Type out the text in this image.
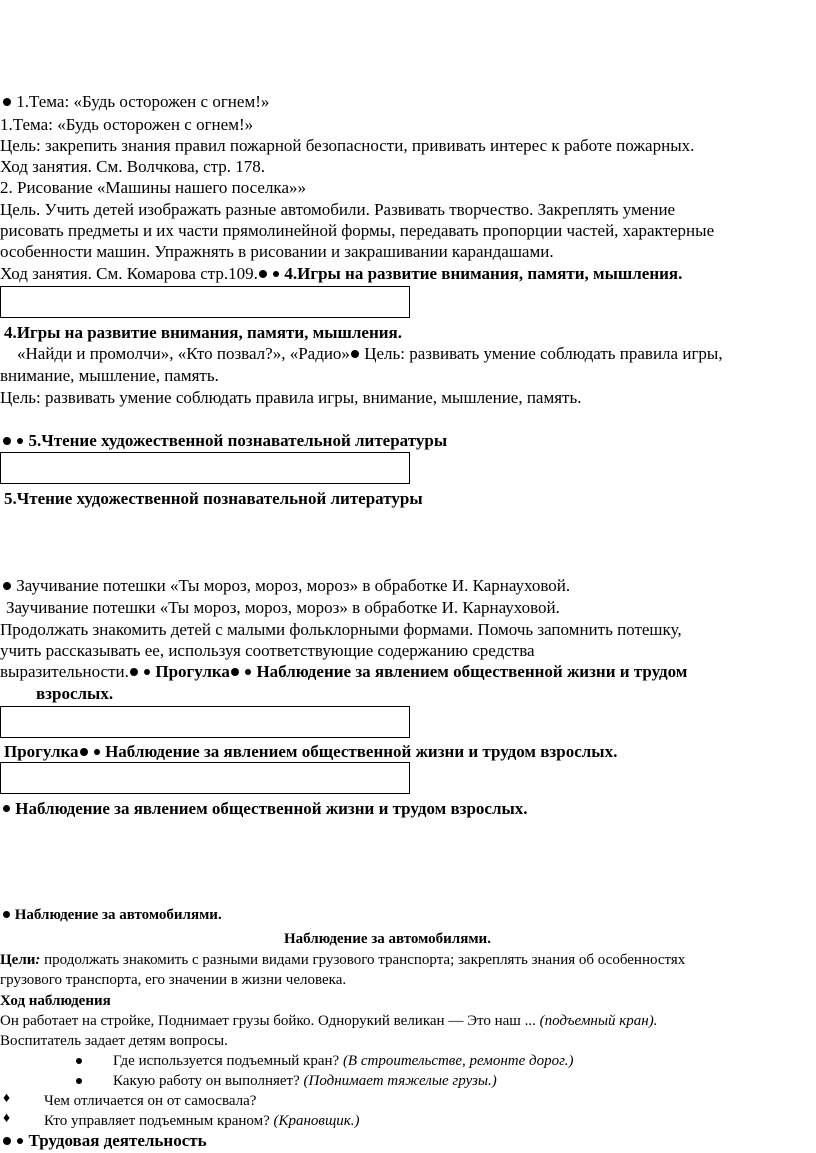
1.Тема: «Будь осторожен с огнем!»
1.Тема: «Будь осторожен с огнем!»
Цель: закрепить знания правил пожарной безопасности, прививать интерес к работе пожарных.
Ход занятия. См. Волчкова, стр. 178.
2. Рисование «Машины нашего поселка»»
Цель. Учить детей изображать разные автомобили. Развивать творчество. Закреплять умение
рисовать предметы и их части прямолинейной формы, передавать пропорции частей, характерные
особенности машин. Упражнять в рисовании и закрашивании карандашами.
Ход занятия. См. Комарова стр.109. 4.Игры на развитие внимания, памяти, мышления.
4.Игры на развитие внимания, памяти, мышления.
«Найди и промолчи», «Кто позвал?», «Радио» Цель: развивать умение соблюдать правила игры,
внимание, мышление, память.
Цель: развивать умение соблюдать правила игры, внимание, мышление, память.
5.Чтение художественной познавательной литературы
5.Чтение художественной познавательной литературы
Заучивание потешки «Ты мороз, мороз, мороз» в обработке И. Карнауховой.
Заучивание потешки «Ты мороз, мороз, мороз» в обработке И. Карнауховой.
Продолжать знакомить детей с малыми фольклорными формами. Помочь запомнить потешку,
учить рассказывать ее, используя соответствующие содержанию средства
выразительности. Прогулка Наблюдение за явлением общественной жизни и трудом
взрослых.
Прогулка Наблюдение за явлением общественной жизни и трудом взрослых.
Наблюдение за явлением общественной жизни и трудом взрослых.
Наблюдение за автомобилями.
Наблюдение за автомобилями.
Цели: продолжать знакомить с разными видами грузового транспорта; закреплять знания об особенностях
грузового транспорта, его значении в жизни человека.
Ход наблюдения
Он работает на стройке, Поднимает грузы бойко. Однорукий великан — Это наш ... (подъемный кран).
Воспитатель задает детям вопросы.
Где используется подъемный кран? (В строительстве, ремонте дорог.)
Какую работу он выполняет? (Поднимает тяжелые грузы.)
♦ Чем отличается он от самосвала?
♦ Кто управляет подъемным краном? (Крановщик.)
Трудовая деятельность
